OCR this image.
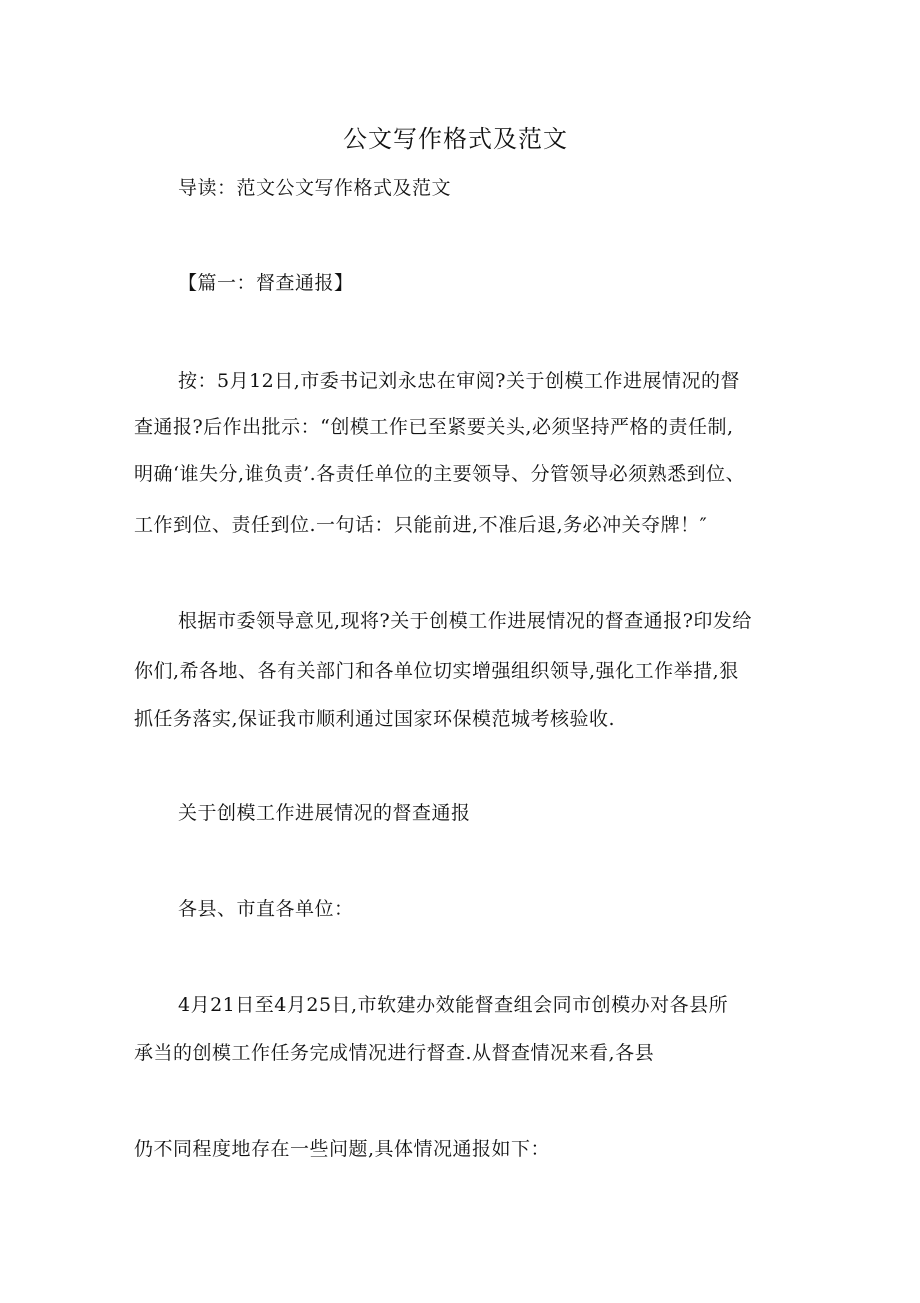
公文写作格式及范文
导读：范文公文写作格式及范文
【篇一：督查通报】
按：5月12日,市委书记刘永忠在审阅?关于创模工作进展情况的督
查通报?后作出批示：“创模工作已至紧要关头,必须坚持严格的责任制,
明确‘谁失分,谁负责’.各责任单位的主要领导、分管领导必须熟悉到位、
工作到位、责任到位.一句话：只能前进,不准后退,务必冲关夺牌！″
根据市委领导意见,现将?关于创模工作进展情况的督查通报?印发给
你们,希各地、各有关部门和各单位切实增强组织领导,强化工作举措,狠
抓任务落实,保证我市顺利通过国家环保模范城考核验收.
关于创模工作进展情况的督查通报
各县、市直各单位：
4月21日至4月25日,市软建办效能督查组会同市创模办对各县所
承当的创模工作任务完成情况进行督查.从督查情况来看,各县
仍不同程度地存在一些问题,具体情况通报如下：
